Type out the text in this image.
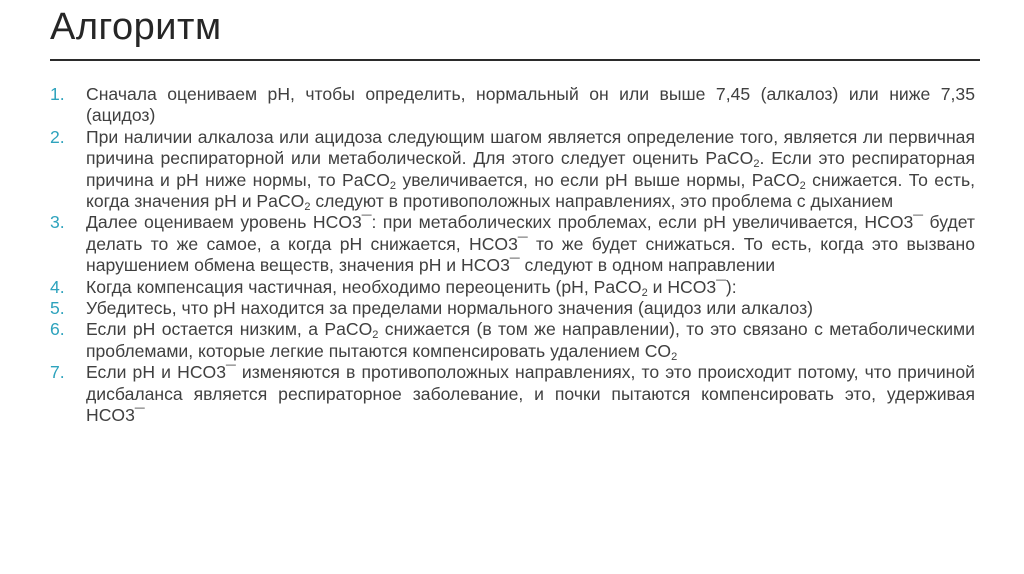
Алгоритм
1.	Сначала оцениваем pH, чтобы определить, нормальный он или выше 7,45 (алкалоз) или ниже 7,35 (ацидоз)
2.	При наличии алкалоза или ацидоза следующим шагом является определение того, является ли первичная причина респираторной или метаболической. Для этого следует оценить PaCO$_2$. Если это респираторная причина и pH ниже нормы, то PaCO$_2$ увеличивается, но если pH выше нормы, PaCO$_2$ снижается. То есть, когда значения pH и PaCO$_2$ следуют в противоположных направлениях, это проблема с дыханием
3.	Далее оцениваем уровень HCO3¯: при метаболических проблемах, если pH увеличивается, HCO3¯ будет делать то же самое, а когда pH снижается, HCO3¯ то же будет снижаться. То есть, когда это вызвано нарушением обмена веществ, значения pH и HCO3¯ следуют в одном направлении
4.	Когда компенсация частичная, необходимо переоценить (pH, PaCO$_2$ и HCO3¯):
5.	Убедитесь, что pH находится за пределами нормального значения (ацидоз или алкалоз)
6.	Если pH остается низким, а PaCO$_2$ снижается (в том же направлении), то это связано с метаболическими проблемами, которые легкие пытаются компенсировать удалением $CO_2$
7.	Если pH и HCO3¯ изменяются в противоположных направлениях, то это происходит потому, что причиной дисбаланса является респираторное заболевание, и почки пытаются компенсировать это, удерживая HCO3¯
